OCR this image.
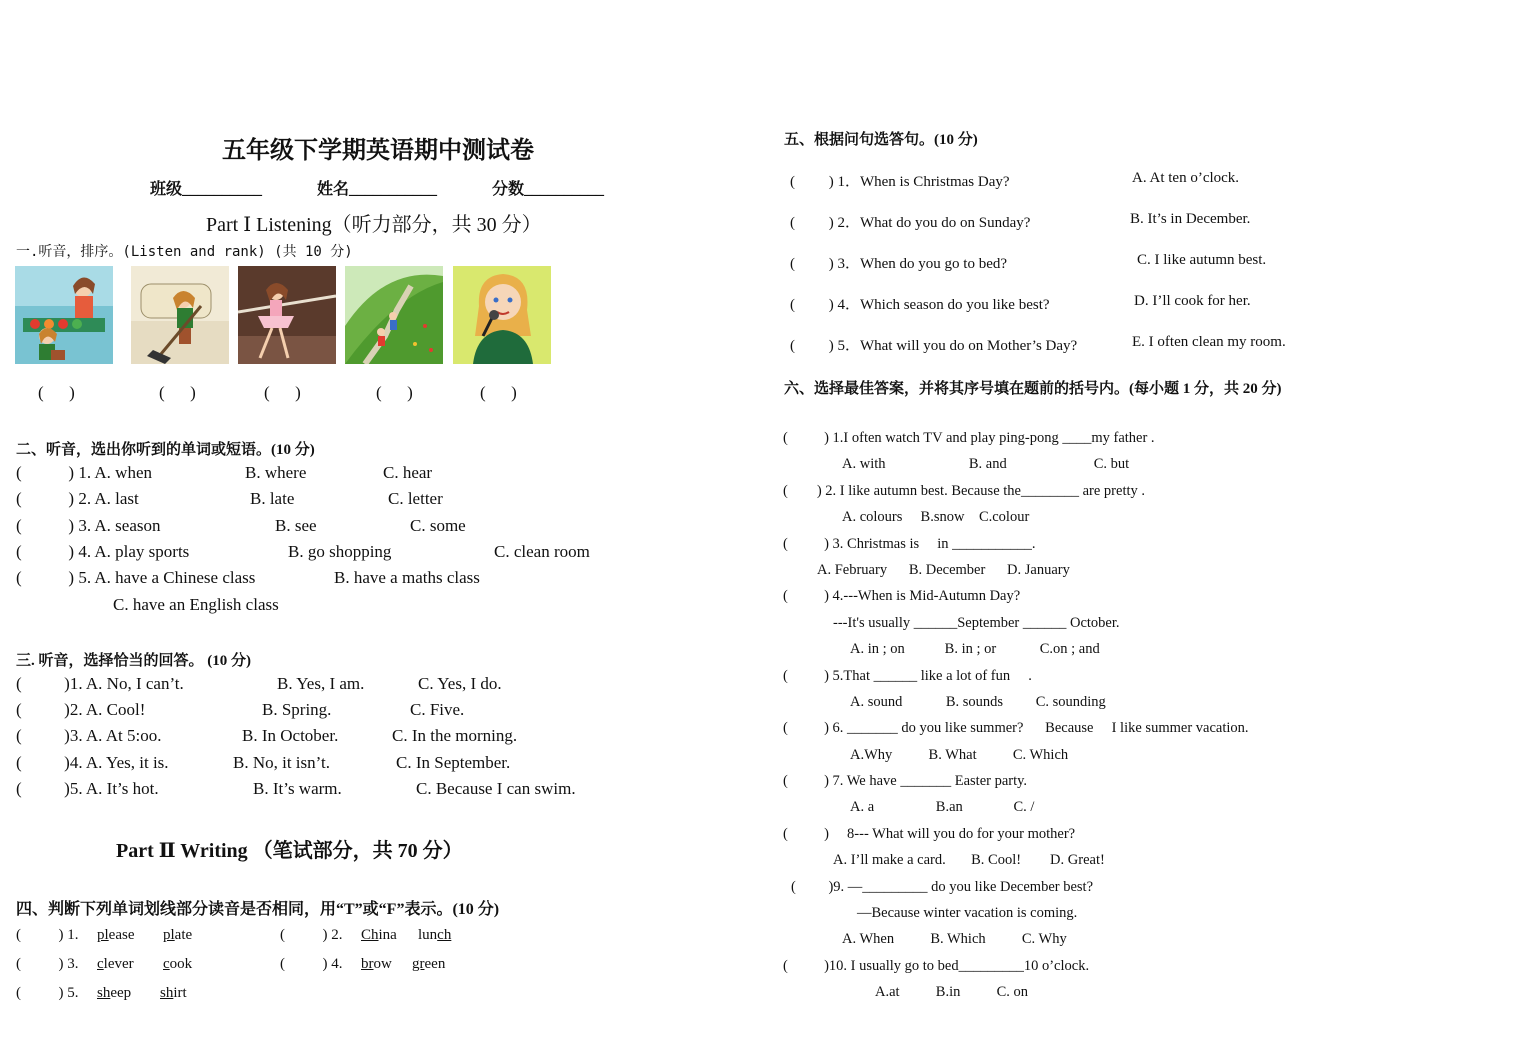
五年级下学期英语期中测试卷
班级__________	姓名___________	分数__________
Part Ⅰ Listening（听力部分，共 30 分）
一.听音，排序。(Listen and rank) (共 10 分)
(      )	(      )	(      )	(      )	(      )
二、听音，选出你听到的单词或短语。(10 分)
(           ) 1. A. when	B. where	C. hear
(           ) 2. A. last	B. late	C. letter
(           ) 3. A. season	B. see	C. some
(           ) 4. A. play sports	B. go shopping	C. clean room
(           ) 5. A. have a Chinese class	B. have a maths class
C. have an English class
三. 听音，选择恰当的回答。 (10 分)
(          )1. A. No, I can’t.	B. Yes, I am.	C. Yes, I do.
(          )2. A. Cool!	B. Spring.	C. Five.
(          )3. A. At 5:oo.	B. In October.	C. In the morning.
(          )4. A. Yes, it is.	B. No, it isn’t.	C. In September.
(          )5. A. It’s hot.	B. It’s warm.	C. Because I can swim.
Part Ⅱ Writing （笔试部分，共 70 分）
四、判断下列单词划线部分读音是否相同，用“T”或“F”表示。(10 分)
(          ) 1. please plate	(          ) 2. China lunch
(          ) 3. clever cook	(          ) 4. brow green
(          ) 5. sheep shirt
五、根据问句选答句。(10 分)
(         ) 1．When is Christmas Day?	A. At ten o’clock.
(         ) 2．What do you do on Sunday?	B. It’s in December.
(         ) 3．When do you go to bed?	C. I like autumn best.
(         ) 4．Which season do you like best?	D. I’ll cook for her.
(         ) 5．What will you do on Mother’s Day?	E. I often clean my room.
六、选择最佳答案，并将其序号填在题前的括号内。(每小题 1 分，共 20 分)
(          ) 1.I often watch TV and play ping-pong ____my father .
A. with                       B. and                        C. but
(        ) 2. I like autumn best. Because the________ are pretty .
A. colours     B.snow    C.colour
(          ) 3. Christmas is     in ___________.
A. February      B. December      D. January
(          ) 4.---When is Mid-Autumn Day?
---It's usually ______September ______ October.
A. in ; on           B. in ; or            C.on ; and
(          ) 5.That ______ like a lot of fun     .
A. sound            B. sounds         C. sounding
(          ) 6. _______ do you like summer?      Because     I like summer vacation.
A.Why          B. What          C. Which
(          ) 7. We have _______ Easter party.
A. a                 B.an              C. /
(          )     8--- What will you do for your mother?
A. I’ll make a card.       B. Cool!        D. Great!
(         )9. —_________ do you like December best?
—Because winter vacation is coming.
A. When          B. Which          C. Why
(          )10. I usually go to bed_________10 o’clock.
A.at          B.in          C. on
